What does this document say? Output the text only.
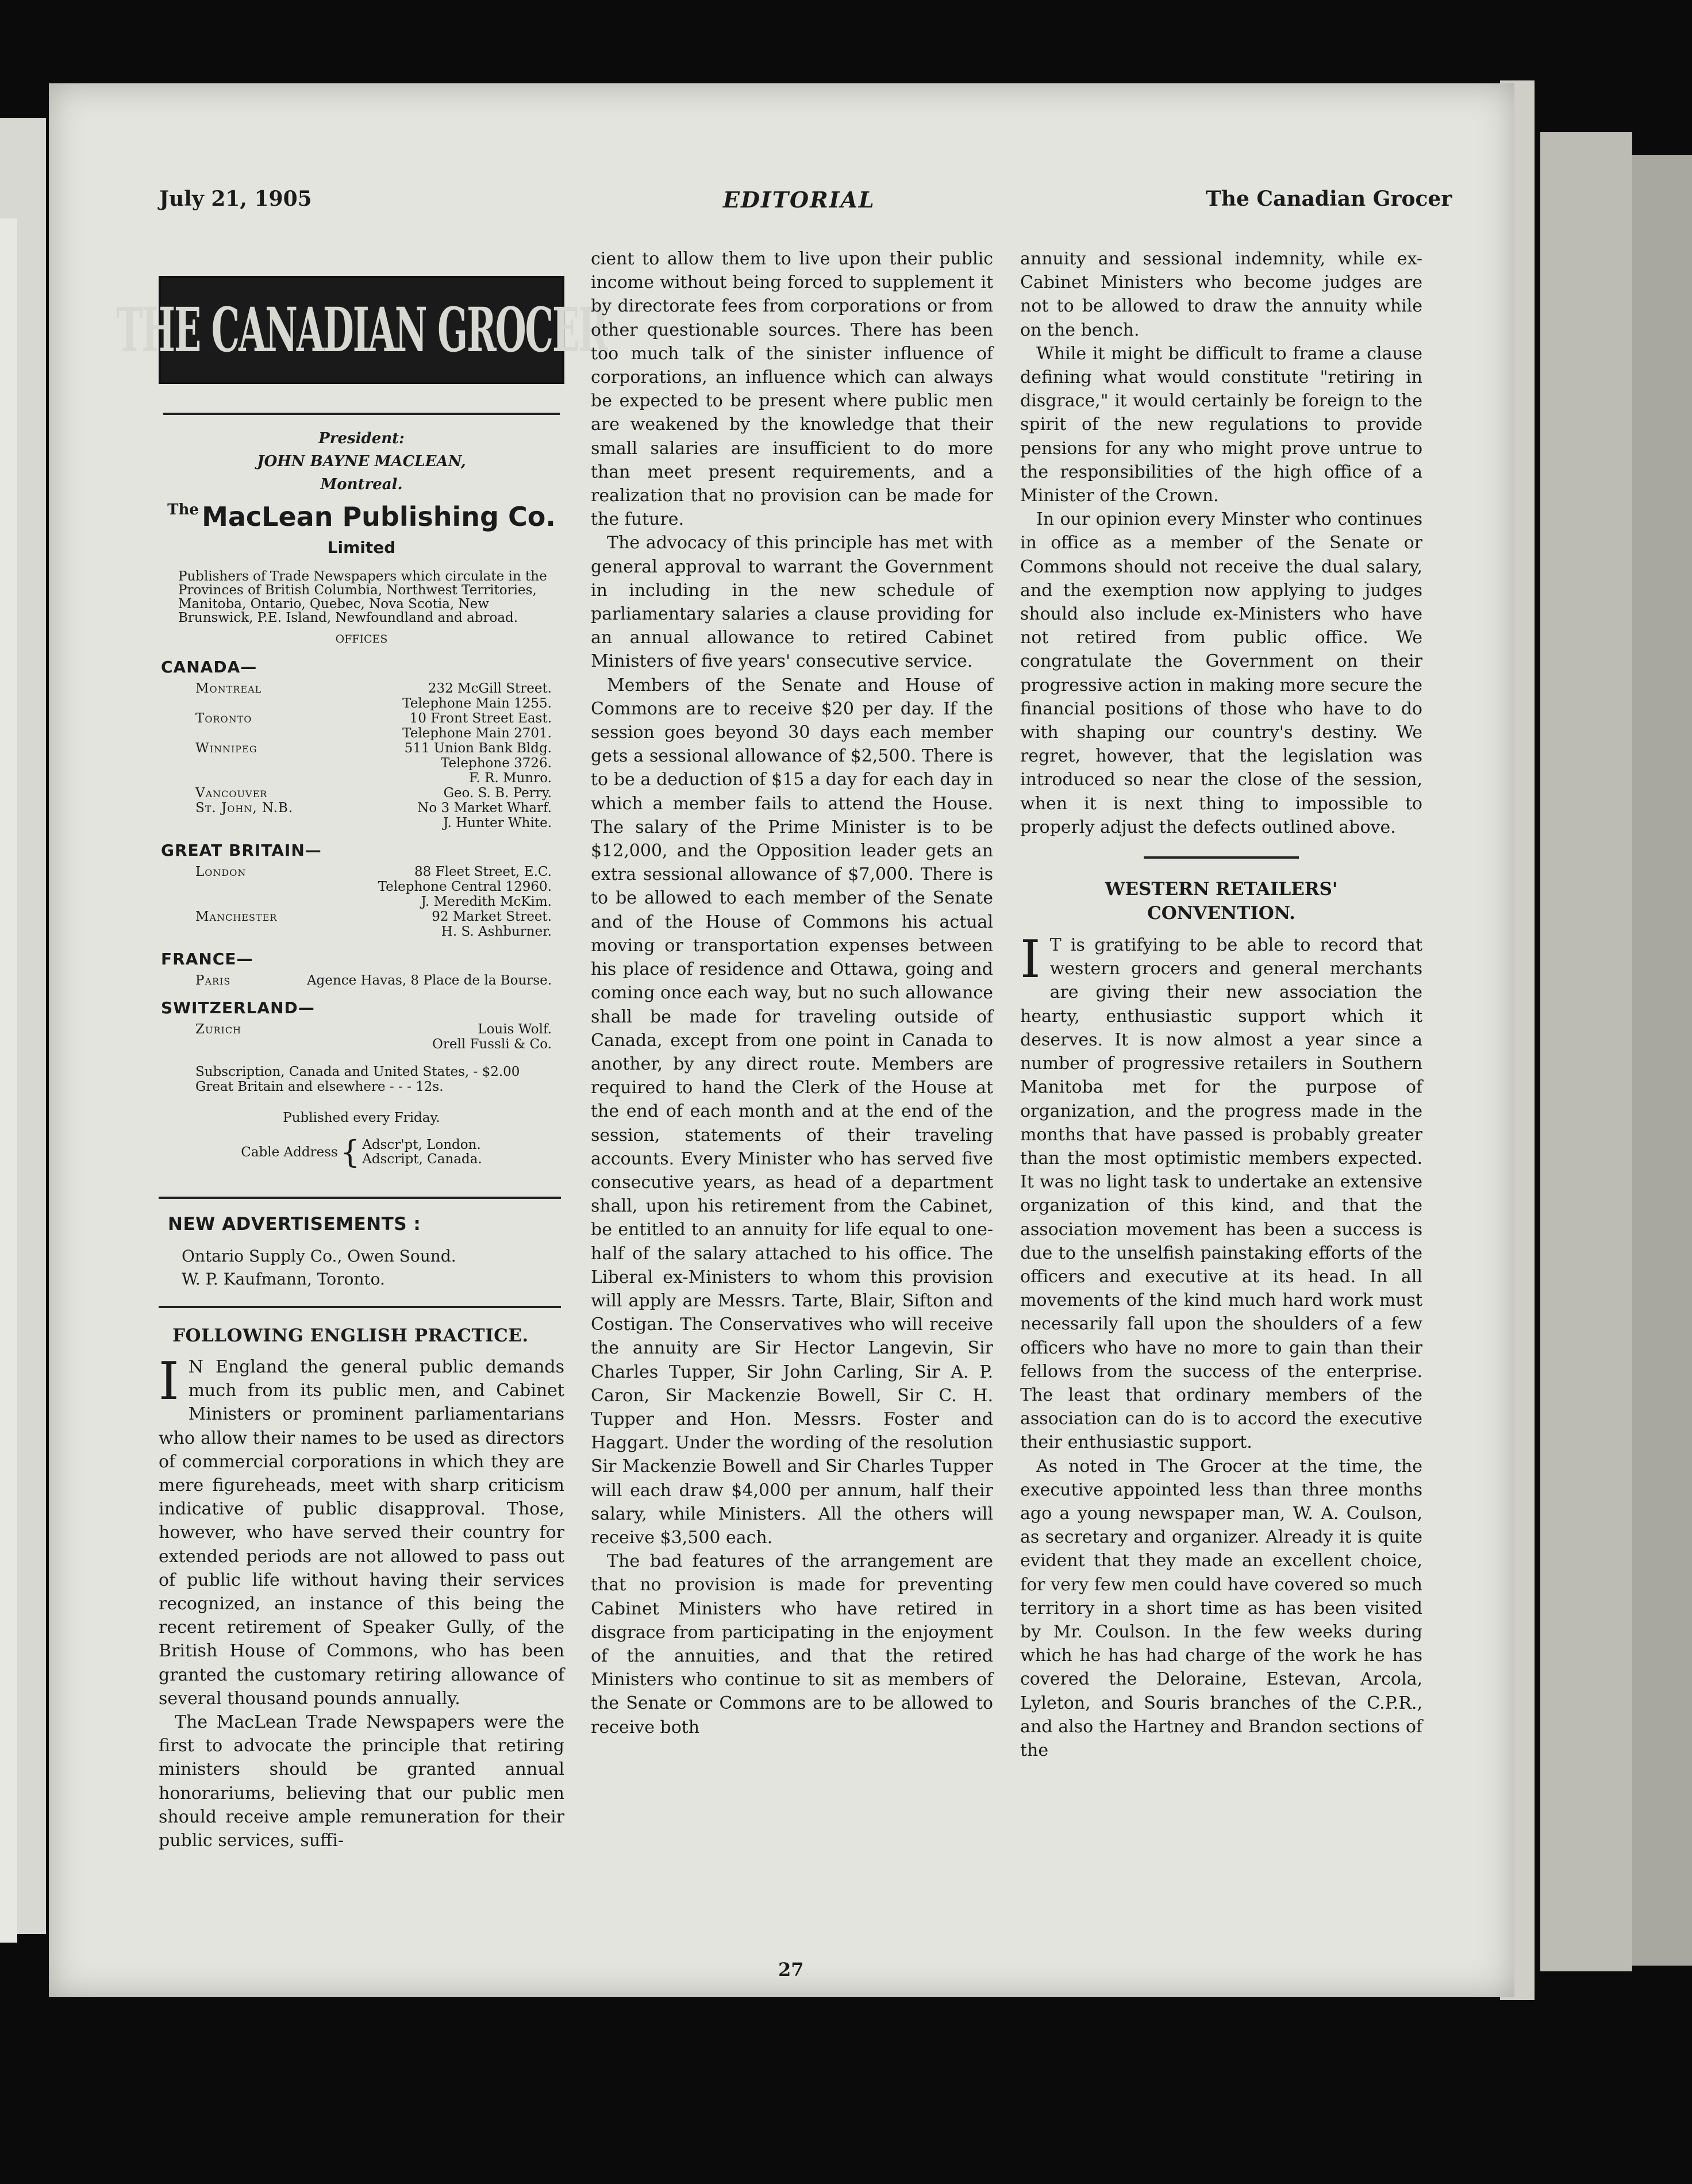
July 21, 1905	EDITORIAL	The Canadian Grocer
THE CANADIAN GROCER
President:
JOHN BAYNE MACLEAN,
Montreal.
The MacLean Publishing Co.
Limited

Publishers of Trade Newspapers which circulate in the Provinces of British Columbia, Northwest Territories, Manitoba, Ontario, Quebec, Nova Scotia, New Brunswick, P.E. Island, Newfoundland and abroad.

OFFICES
CANADA—
Montreal	232 McGill Street.
Telephone Main 1255.
Toronto	10 Front Street East.
Telephone Main 2701.
Winnipeg	511 Union Bank Bldg.
Telephone 3726.
F. R. Munro.
Vancouver	Geo. S. B. Perry.
St. John, N.B.	No 3 Market Wharf.
J. Hunter White.
GREAT BRITAIN—
London	88 Fleet Street, E.C.
Telephone Central 12960.
J. Meredith McKim.
Manchester	92 Market Street.
H. S. Ashburner.
FRANCE—
Paris	Agence Havas, 8 Place de la Bourse.
SWITZERLAND—
Zurich	Louis Wolf.
Orell Fussli & Co.
Subscription, Canada and United States, - $2.00
Great Britain and elsewhere - - - 12s.
Published every Friday.
Cable Address { Adscr'pt, London.
Adscript, Canada.
NEW ADVERTISEMENTS :
Ontario Supply Co., Owen Sound.
W. P. Kaufmann, Toronto.
FOLLOWING ENGLISH PRACTICE.

I N England the general public demands much from its public men, and Cabinet Ministers or prominent parliamentarians who allow their names to be used as directors of commercial corporations in which they are mere figureheads, meet with sharp criticism indicative of public disapproval. Those, however, who have served their country for extended periods are not allowed to pass out of public life without having their services recognized, an instance of this being the recent retirement of Speaker Gully, of the British House of Commons, who has been granted the customary retiring allowance of several thousand pounds annually.

The MacLean Trade Newspapers were the first to advocate the principle that retiring ministers should be granted annual honorariums, believing that our public men should receive ample remuneration for their public services, suffi-

cient to allow them to live upon their public income without being forced to supplement it by directorate fees from corporations or from other questionable sources. There has been too much talk of the sinister influence of corporations, an influence which can always be expected to be present where public men are weakened by the knowledge that their small salaries are insufficient to do more than meet present requirements, and a realization that no provision can be made for the future.

The advocacy of this principle has met with general approval to warrant the Government in including in the new schedule of parliamentary salaries a clause providing for an annual allowance to retired Cabinet Ministers of five years' consecutive service.

Members of the Senate and House of Commons are to receive $20 per day. If the session goes beyond 30 days each member gets a sessional allowance of $2,500. There is to be a deduction of $15 a day for each day in which a member fails to attend the House. The salary of the Prime Minister is to be $12,000, and the Opposition leader gets an extra sessional allowance of $7,000. There is to be allowed to each member of the Senate and of the House of Commons his actual moving or transportation expenses between his place of residence and Ottawa, going and coming once each way, but no such allowance shall be made for traveling outside of Canada, except from one point in Canada to another, by any direct route. Members are required to hand the Clerk of the House at the end of each month and at the end of the session, statements of their traveling accounts. Every Minister who has served five consecutive years, as head of a department shall, upon his retirement from the Cabinet, be entitled to an annuity for life equal to one-half of the salary attached to his office. The Liberal ex-Ministers to whom this provision will apply are Messrs. Tarte, Blair, Sifton and Costigan. The Conservatives who will receive the annuity are Sir Hector Langevin, Sir Charles Tupper, Sir John Carling, Sir A. P. Caron, Sir Mackenzie Bowell, Sir C. H. Tupper and Hon. Messrs. Foster and Haggart. Under the wording of the resolution Sir Mackenzie Bowell and Sir Charles Tupper will each draw $4,000 per annum, half their salary, while Ministers. All the others will receive $3,500 each.

The bad features of the arrangement are that no provision is made for preventing Cabinet Ministers who have retired in disgrace from participating in the enjoyment of the annuities, and that the retired Ministers who continue to sit as members of the Senate or Commons are to be allowed to receive both

annuity and sessional indemnity, while ex-Cabinet Ministers who become judges are not to be allowed to draw the annuity while on the bench.

While it might be difficult to frame a clause defining what would constitute "retiring in disgrace," it would certainly be foreign to the spirit of the new regulations to provide pensions for any who might prove untrue to the responsibilities of the high office of a Minister of the Crown.

In our opinion every Minster who continues in office as a member of the Senate or Commons should not receive the dual salary, and the exemption now applying to judges should also include ex-Ministers who have not retired from public office. We congratulate the Government on their progressive action in making more secure the financial positions of those who have to do with shaping our country's destiny. We regret, however, that the legislation was introduced so near the close of the session, when it is next thing to impossible to properly adjust the defects outlined above.

WESTERN RETAILERS'
CONVENTION.

I T is gratifying to be able to record that western grocers and general merchants are giving their new association the hearty, enthusiastic support which it deserves. It is now almost a year since a number of progressive retailers in Southern Manitoba met for the purpose of organization, and the progress made in the months that have passed is probably greater than the most optimistic members expected. It was no light task to undertake an extensive organization of this kind, and that the association movement has been a success is due to the unselfish painstaking efforts of the officers and executive at its head. In all movements of the kind much hard work must necessarily fall upon the shoulders of a few officers who have no more to gain than their fellows from the success of the enterprise. The least that ordinary members of the association can do is to accord the executive their enthusiastic support.

As noted in The Grocer at the time, the executive appointed less than three months ago a young newspaper man, W. A. Coulson, as secretary and organizer. Already it is quite evident that they made an excellent choice, for very few men could have covered so much territory in a short time as has been visited by Mr. Coulson. In the few weeks during which he has had charge of the work he has covered the Deloraine, Estevan, Arcola, Lyleton, and Souris branches of the C.P.R., and also the Hartney and Brandon sections of the

27
